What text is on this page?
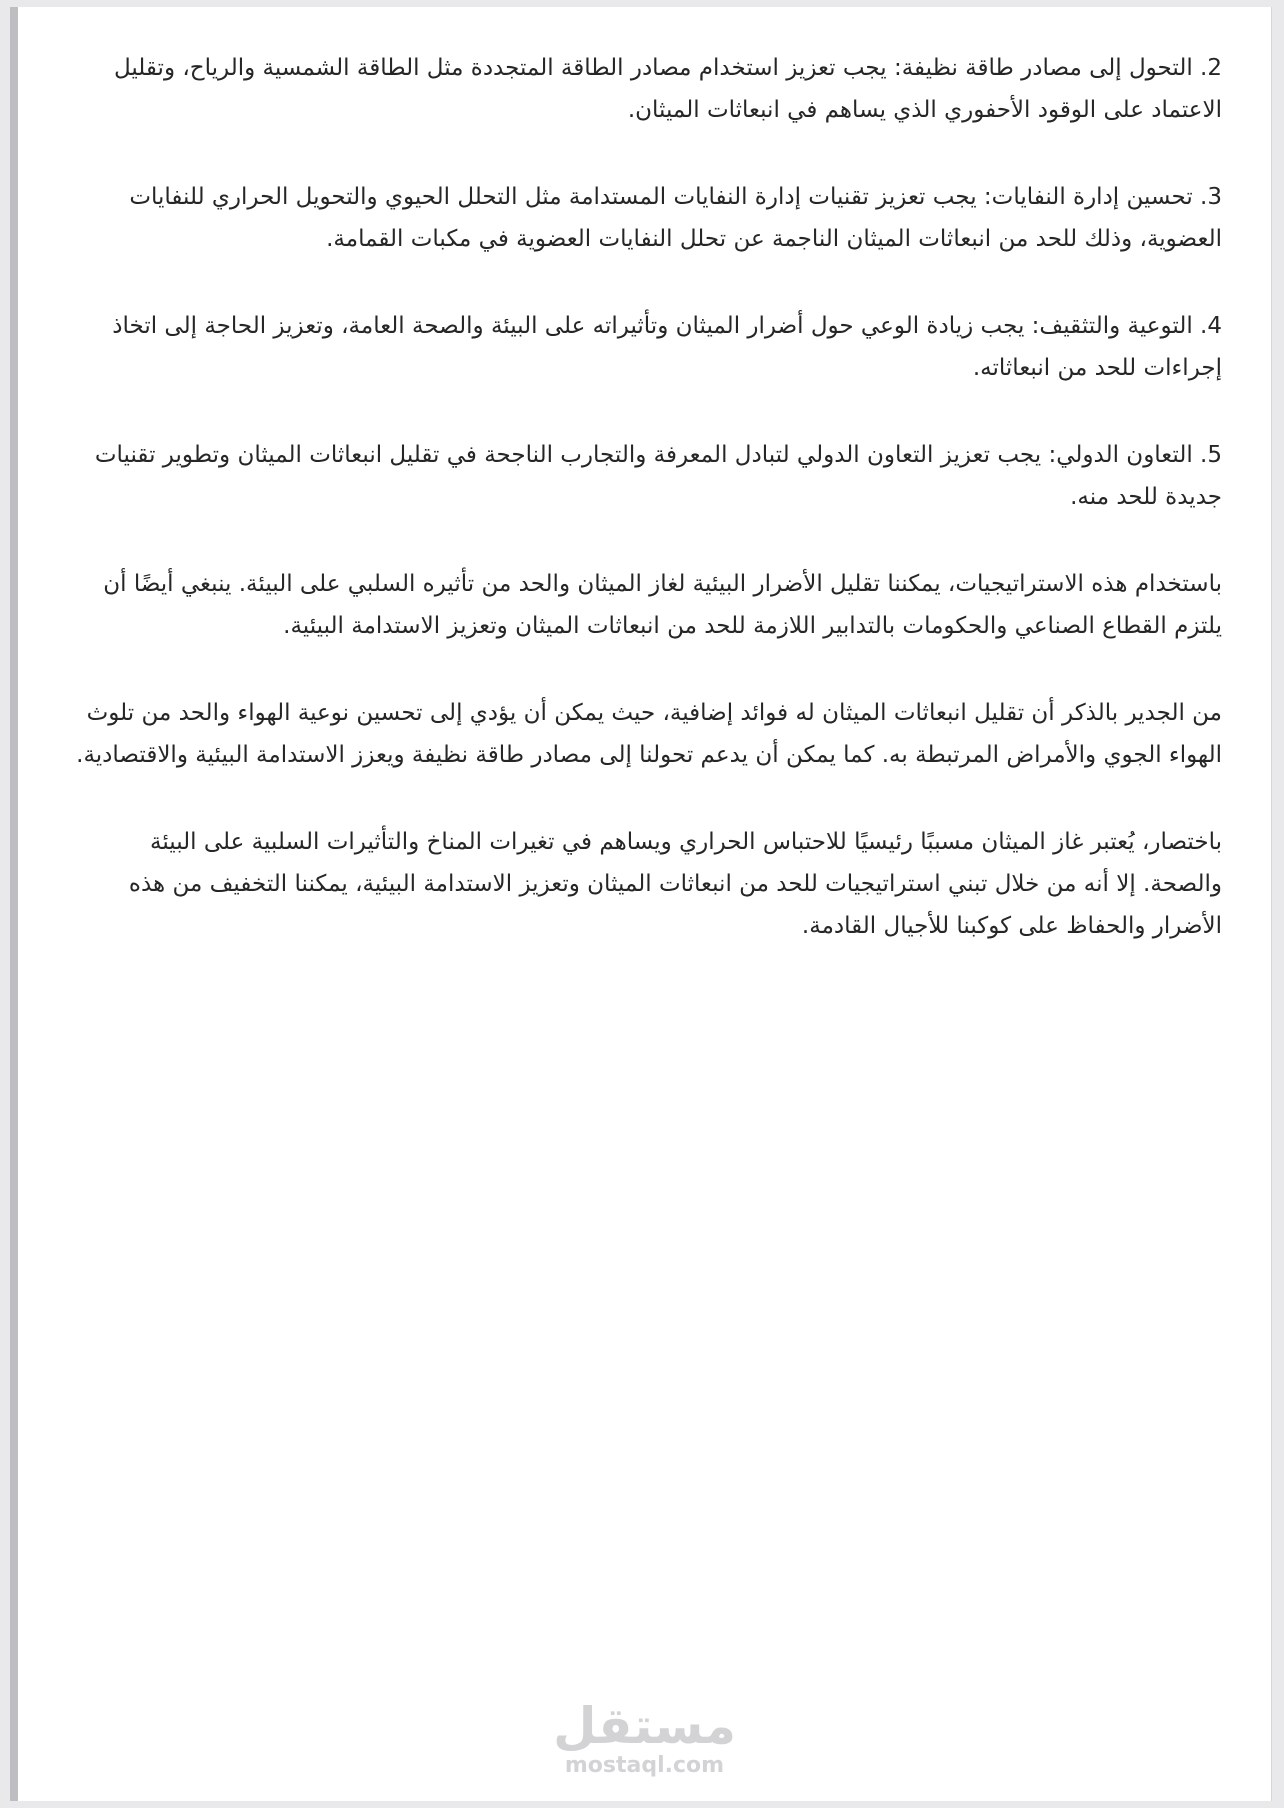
2. التحول إلى مصادر طاقة نظيفة: يجب تعزيز استخدام مصادر الطاقة المتجددة مثل الطاقة الشمسية والرياح، وتقليل الاعتماد على الوقود الأحفوري الذي يساهم في انبعاثات الميثان.

3. تحسين إدارة النفايات: يجب تعزيز تقنيات إدارة النفايات المستدامة مثل التحلل الحيوي والتحويل الحراري للنفايات العضوية، وذلك للحد من انبعاثات الميثان الناجمة عن تحلل النفايات العضوية في مكبات القمامة.

4. التوعية والتثقيف: يجب زيادة الوعي حول أضرار الميثان وتأثيراته على البيئة والصحة العامة، وتعزيز الحاجة إلى اتخاذ إجراءات للحد من انبعاثاته.

5. التعاون الدولي: يجب تعزيز التعاون الدولي لتبادل المعرفة والتجارب الناجحة في تقليل انبعاثات الميثان وتطوير تقنيات جديدة للحد منه.

باستخدام هذه الاستراتيجيات، يمكننا تقليل الأضرار البيئية لغاز الميثان والحد من تأثيره السلبي على البيئة. ينبغي أيضًا أن يلتزم القطاع الصناعي والحكومات بالتدابير اللازمة للحد من انبعاثات الميثان وتعزيز الاستدامة البيئية.

من الجدير بالذكر أن تقليل انبعاثات الميثان له فوائد إضافية، حيث يمكن أن يؤدي إلى تحسين نوعية الهواء والحد من تلوث الهواء الجوي والأمراض المرتبطة به. كما يمكن أن يدعم تحولنا إلى مصادر طاقة نظيفة ويعزز الاستدامة البيئية والاقتصادية.

باختصار، يُعتبر غاز الميثان مسببًا رئيسيًا للاحتباس الحراري ويساهم في تغيرات المناخ والتأثيرات السلبية على البيئة والصحة. إلا أنه من خلال تبني استراتيجيات للحد من انبعاثات الميثان وتعزيز الاستدامة البيئية، يمكننا التخفيف من هذه الأضرار والحفاظ على كوكبنا للأجيال القادمة.

مستقل
mostaql.com
